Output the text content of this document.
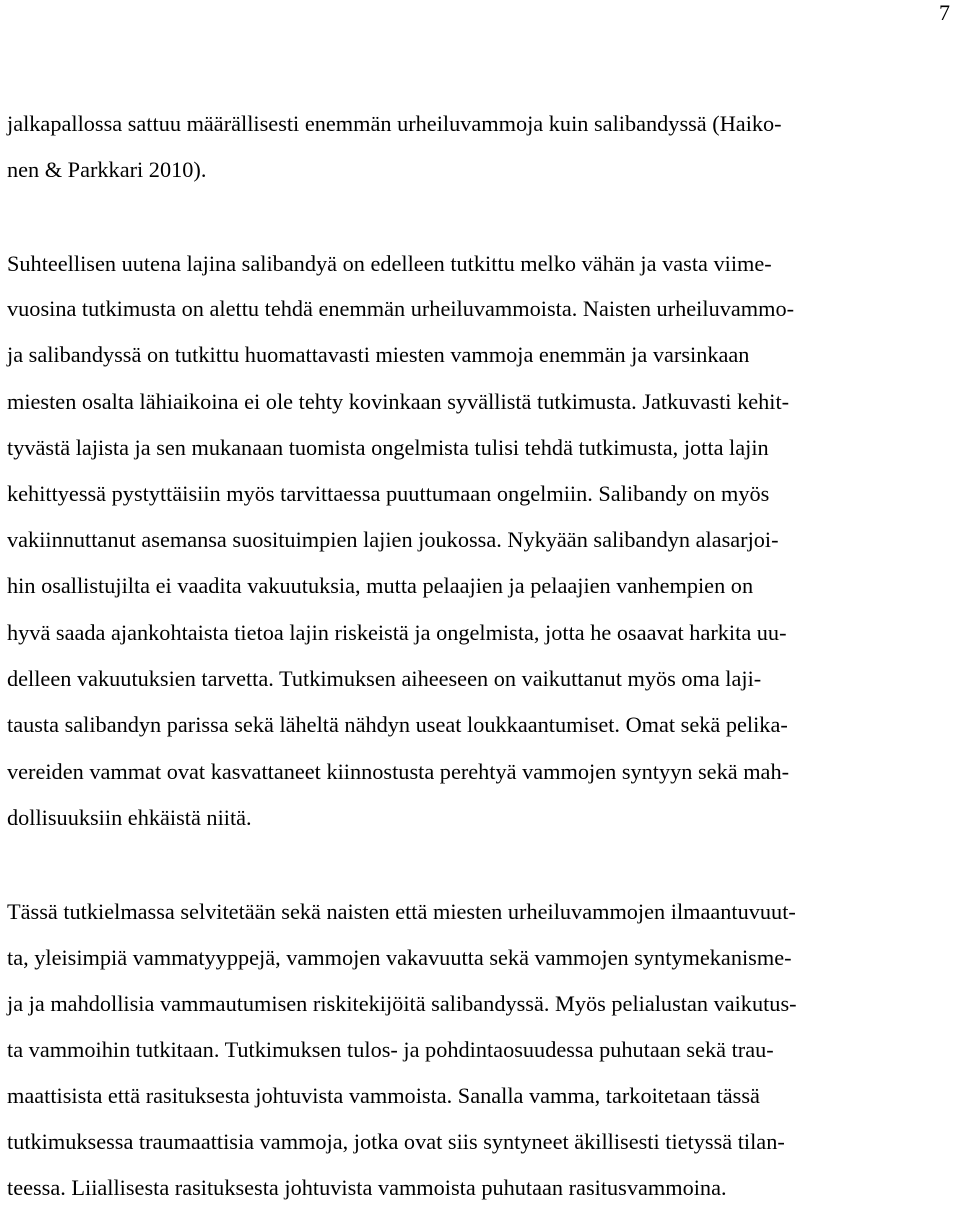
7

jalkapallossa sattuu määrällisesti enemmän urheiluvammoja kuin salibandyssä (Haiko-

nen & Parkkari 2010).

Suhteellisen uutena lajina salibandyä on edelleen tutkittu melko vähän ja vasta viime-

vuosina tutkimusta on alettu tehdä enemmän urheiluvammoista. Naisten urheiluvammo-

ja salibandyssä on tutkittu huomattavasti miesten vammoja enemmän ja varsinkaan

miesten osalta lähiaikoina ei ole tehty kovinkaan syvällistä tutkimusta. Jatkuvasti kehit-

tyvästä lajista ja sen mukanaan tuomista ongelmista tulisi tehdä tutkimusta, jotta lajin

kehittyessä pystyttäisiin myös tarvittaessa puuttumaan ongelmiin. Salibandy on myös

vakiinnuttanut asemansa suosituimpien lajien joukossa. Nykyään salibandyn alasarjoi-

hin osallistujilta ei vaadita vakuutuksia, mutta pelaajien ja pelaajien vanhempien on

hyvä saada ajankohtaista tietoa lajin riskeistä ja ongelmista, jotta he osaavat harkita uu-

delleen vakuutuksien tarvetta. Tutkimuksen aiheeseen on vaikuttanut myös oma laji-

tausta salibandyn parissa sekä läheltä nähdyn useat loukkaantumiset. Omat sekä pelika-

vereiden vammat ovat kasvattaneet kiinnostusta perehtyä vammojen syntyyn sekä mah-

dollisuuksiin ehkäistä niitä.

Tässä tutkielmassa selvitetään sekä naisten että miesten urheiluvammojen ilmaantuvuut-

ta, yleisimpiä vammatyyppejä, vammojen vakavuutta sekä vammojen syntymekanisme-

ja ja mahdollisia vammautumisen riskitekijöitä salibandyssä. Myös pelialustan vaikutus-

ta vammoihin tutkitaan. Tutkimuksen tulos- ja pohdintaosuudessa puhutaan sekä trau-

maattisista että rasituksesta johtuvista vammoista. Sanalla vamma, tarkoitetaan tässä

tutkimuksessa traumaattisia vammoja, jotka ovat siis syntyneet äkillisesti tietyssä tilan-

teessa. Liiallisesta rasituksesta johtuvista vammoista puhutaan rasitusvammoina.
